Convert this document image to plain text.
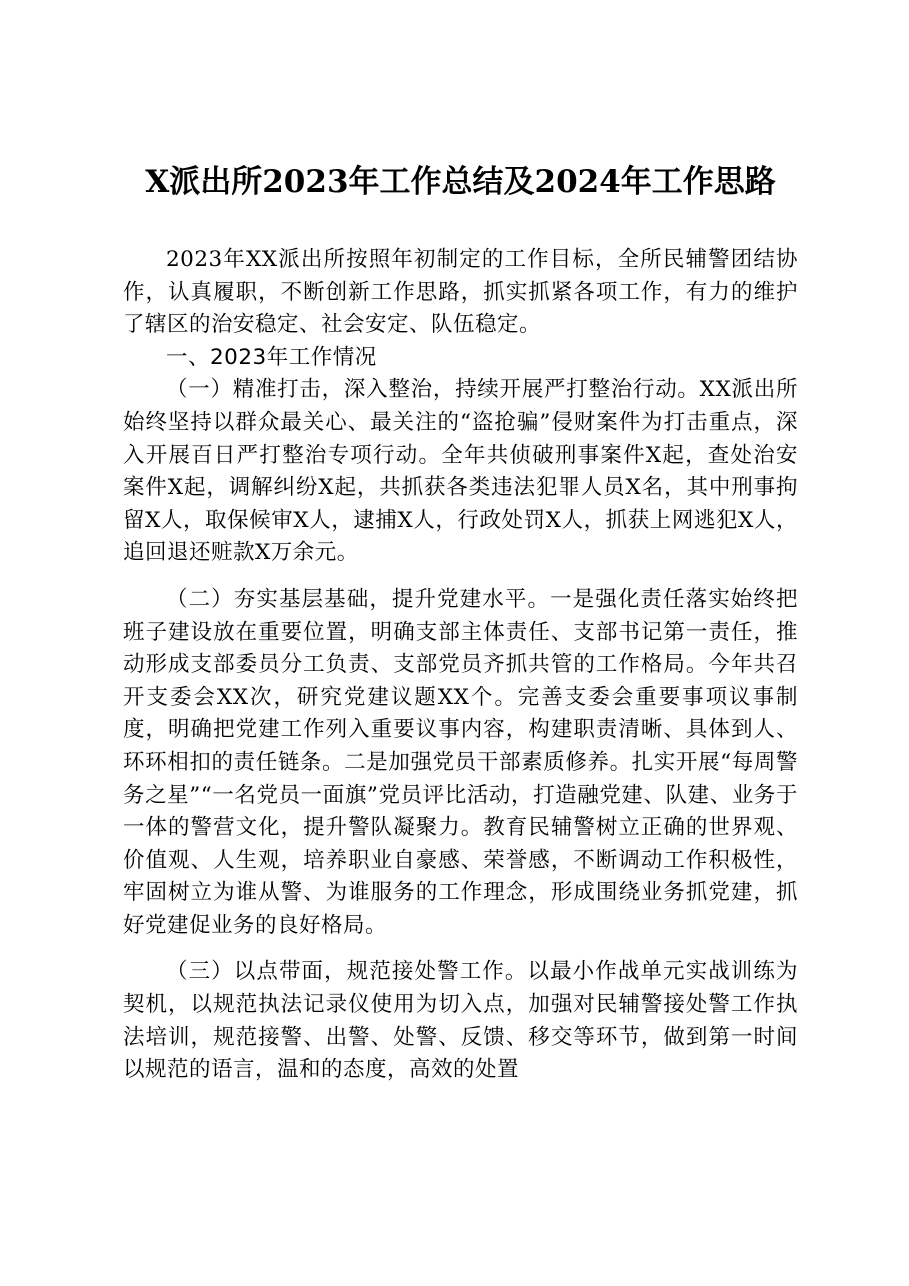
X派出所2023年工作总结及2024年工作思路

2023年XX派出所按照年初制定的工作目标，全所民辅警团结协作，认真履职，不断创新工作思路，抓实抓紧各项工作，有力的维护了辖区的治安稳定、社会安定、队伍稳定。

一、2023年工作情况

（一）精准打击，深入整治，持续开展严打整治行动。XX派出所始终坚持以群众最关心、最关注的“盗抢骗”侵财案件为打击重点，深入开展百日严打整治专项行动。全年共侦破刑事案件X起，查处治安案件X起，调解纠纷X起，共抓获各类违法犯罪人员X名，其中刑事拘留X人，取保候审X人，逮捕X人，行政处罚X人，抓获上网逃犯X人，追回退还赃款X万余元。

（二）夯实基层基础，提升党建水平。一是强化责任落实始终把班子建设放在重要位置，明确支部主体责任、支部书记第一责任，推动形成支部委员分工负责、支部党员齐抓共管的工作格局。今年共召开支委会XX次，研究党建议题XX个。完善支委会重要事项议事制度，明确把党建工作列入重要议事内容，构建职责清晰、具体到人、环环相扣的责任链条。二是加强党员干部素质修养。扎实开展“每周警务之星”“一名党员一面旗”党员评比活动，打造融党建、队建、业务于一体的警营文化，提升警队凝聚力。教育民辅警树立正确的世界观、价值观、人生观，培养职业自豪感、荣誉感，不断调动工作积极性，牢固树立为谁从警、为谁服务的工作理念，形成围绕业务抓党建，抓好党建促业务的良好格局。

（三）以点带面，规范接处警工作。以最小作战单元实战训练为契机，以规范执法记录仪使用为切入点，加强对民辅警接处警工作执法培训，规范接警、出警、处警、反馈、移交等环节，做到第一时间以规范的语言，温和的态度，高效的处置
